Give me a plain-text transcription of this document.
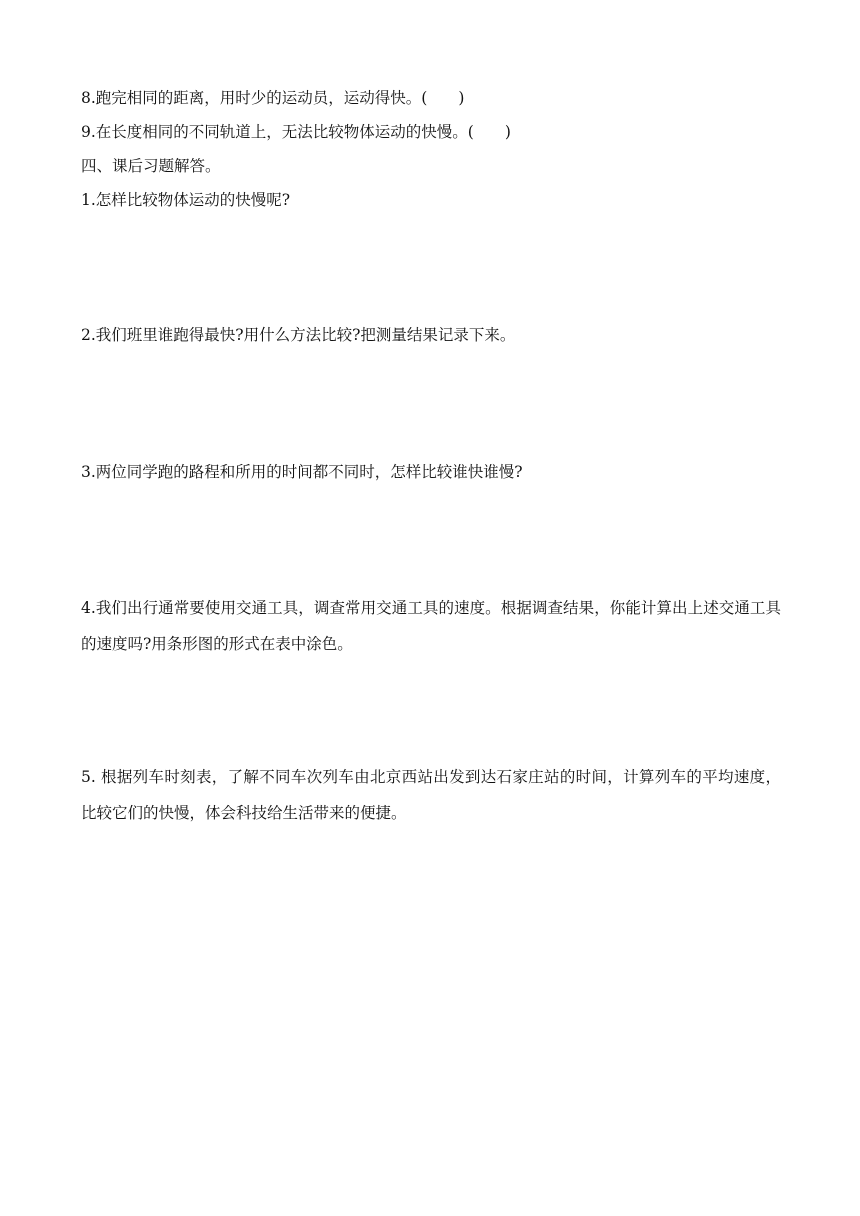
8.跑完相同的距离，用时少的运动员，运动得快。(　　)
9.在长度相同的不同轨道上，无法比较物体运动的快慢。(　　)
四、课后习题解答。
1.怎样比较物体运动的快慢呢?
2.我们班里谁跑得最快?用什么方法比较?把测量结果记录下来。
3.两位同学跑的路程和所用的时间都不同时，怎样比较谁快谁慢?
4.我们出行通常要使用交通工具，调查常用交通工具的速度。根据调查结果，你能计算出上述交通工具的速度吗?用条形图的形式在表中涂色。
5. 根据列车时刻表，了解不同车次列车由北京西站出发到达石家庄站的时间，计算列车的平均速度，比较它们的快慢，体会科技给生活带来的便捷。
